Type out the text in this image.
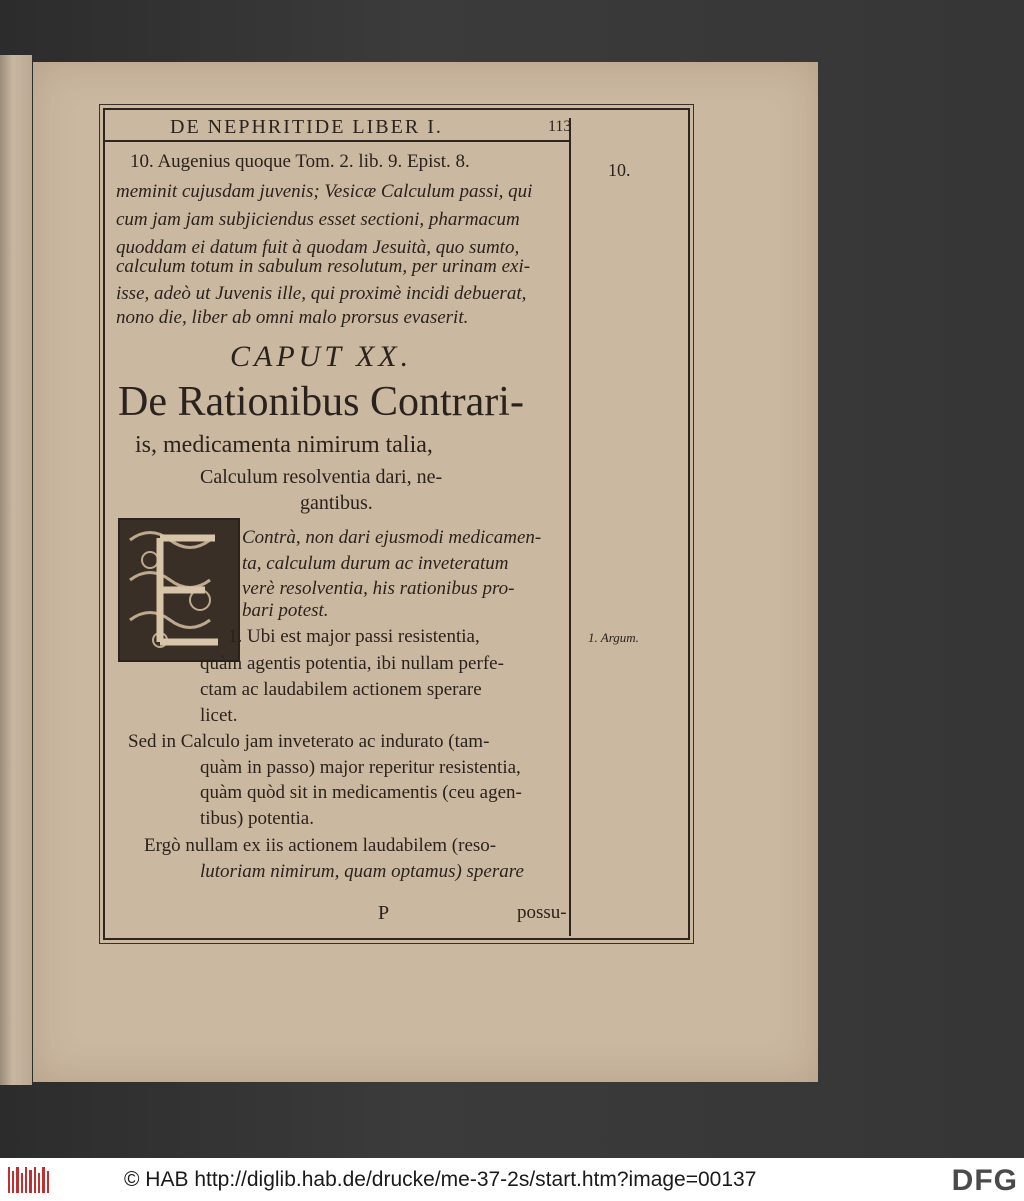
DE NEPHRITIDE LIBER I.	113
10. Augenius quoque Tom. 2. lib. 9. Epist. 8.
meminit cujusdam juvenis; Vesicæ Calculum passi, qui
cum jam jam subjiciendus esset sectioni, pharmacum
quoddam ei datum fuit à quodam Jesuità, quo sumto,
calculum totum in sabulum resolutum, per urinam exi-
isse, adeò ut Juvenis ille, qui proximè incidi debuerat,
nono die, liber ab omni malo prorsus evaserit.
CAPUT XX.
De Rationibus Contrari-
is, medicamenta nimirum talia,
Calculum resolventia dari, ne-
gantibus.
Contrà, non dari ejusmodi medicamen-
ta, calculum durum ac inveteratum
verè resolventia, his rationibus pro-
bari potest.
1. Ubi est major passi resistentia,
quàm agentis potentia, ibi nullam perfe-
ctam ac laudabilem actionem sperare
licet.
Sed in Calculo jam inveterato ac indurato (tam-
quàm in passo) major reperitur resistentia,
quàm quòd sit in medicamentis (ceu agen-
tibus) potentia.
Ergò nullam ex iis actionem laudabilem (reso-
lutoriam nimirum, quam optamus) sperare
10.
1. Argum.
P	possu-
© HAB http://diglib.hab.de/drucke/me-37-2s/start.htm?image=00137	DFG
